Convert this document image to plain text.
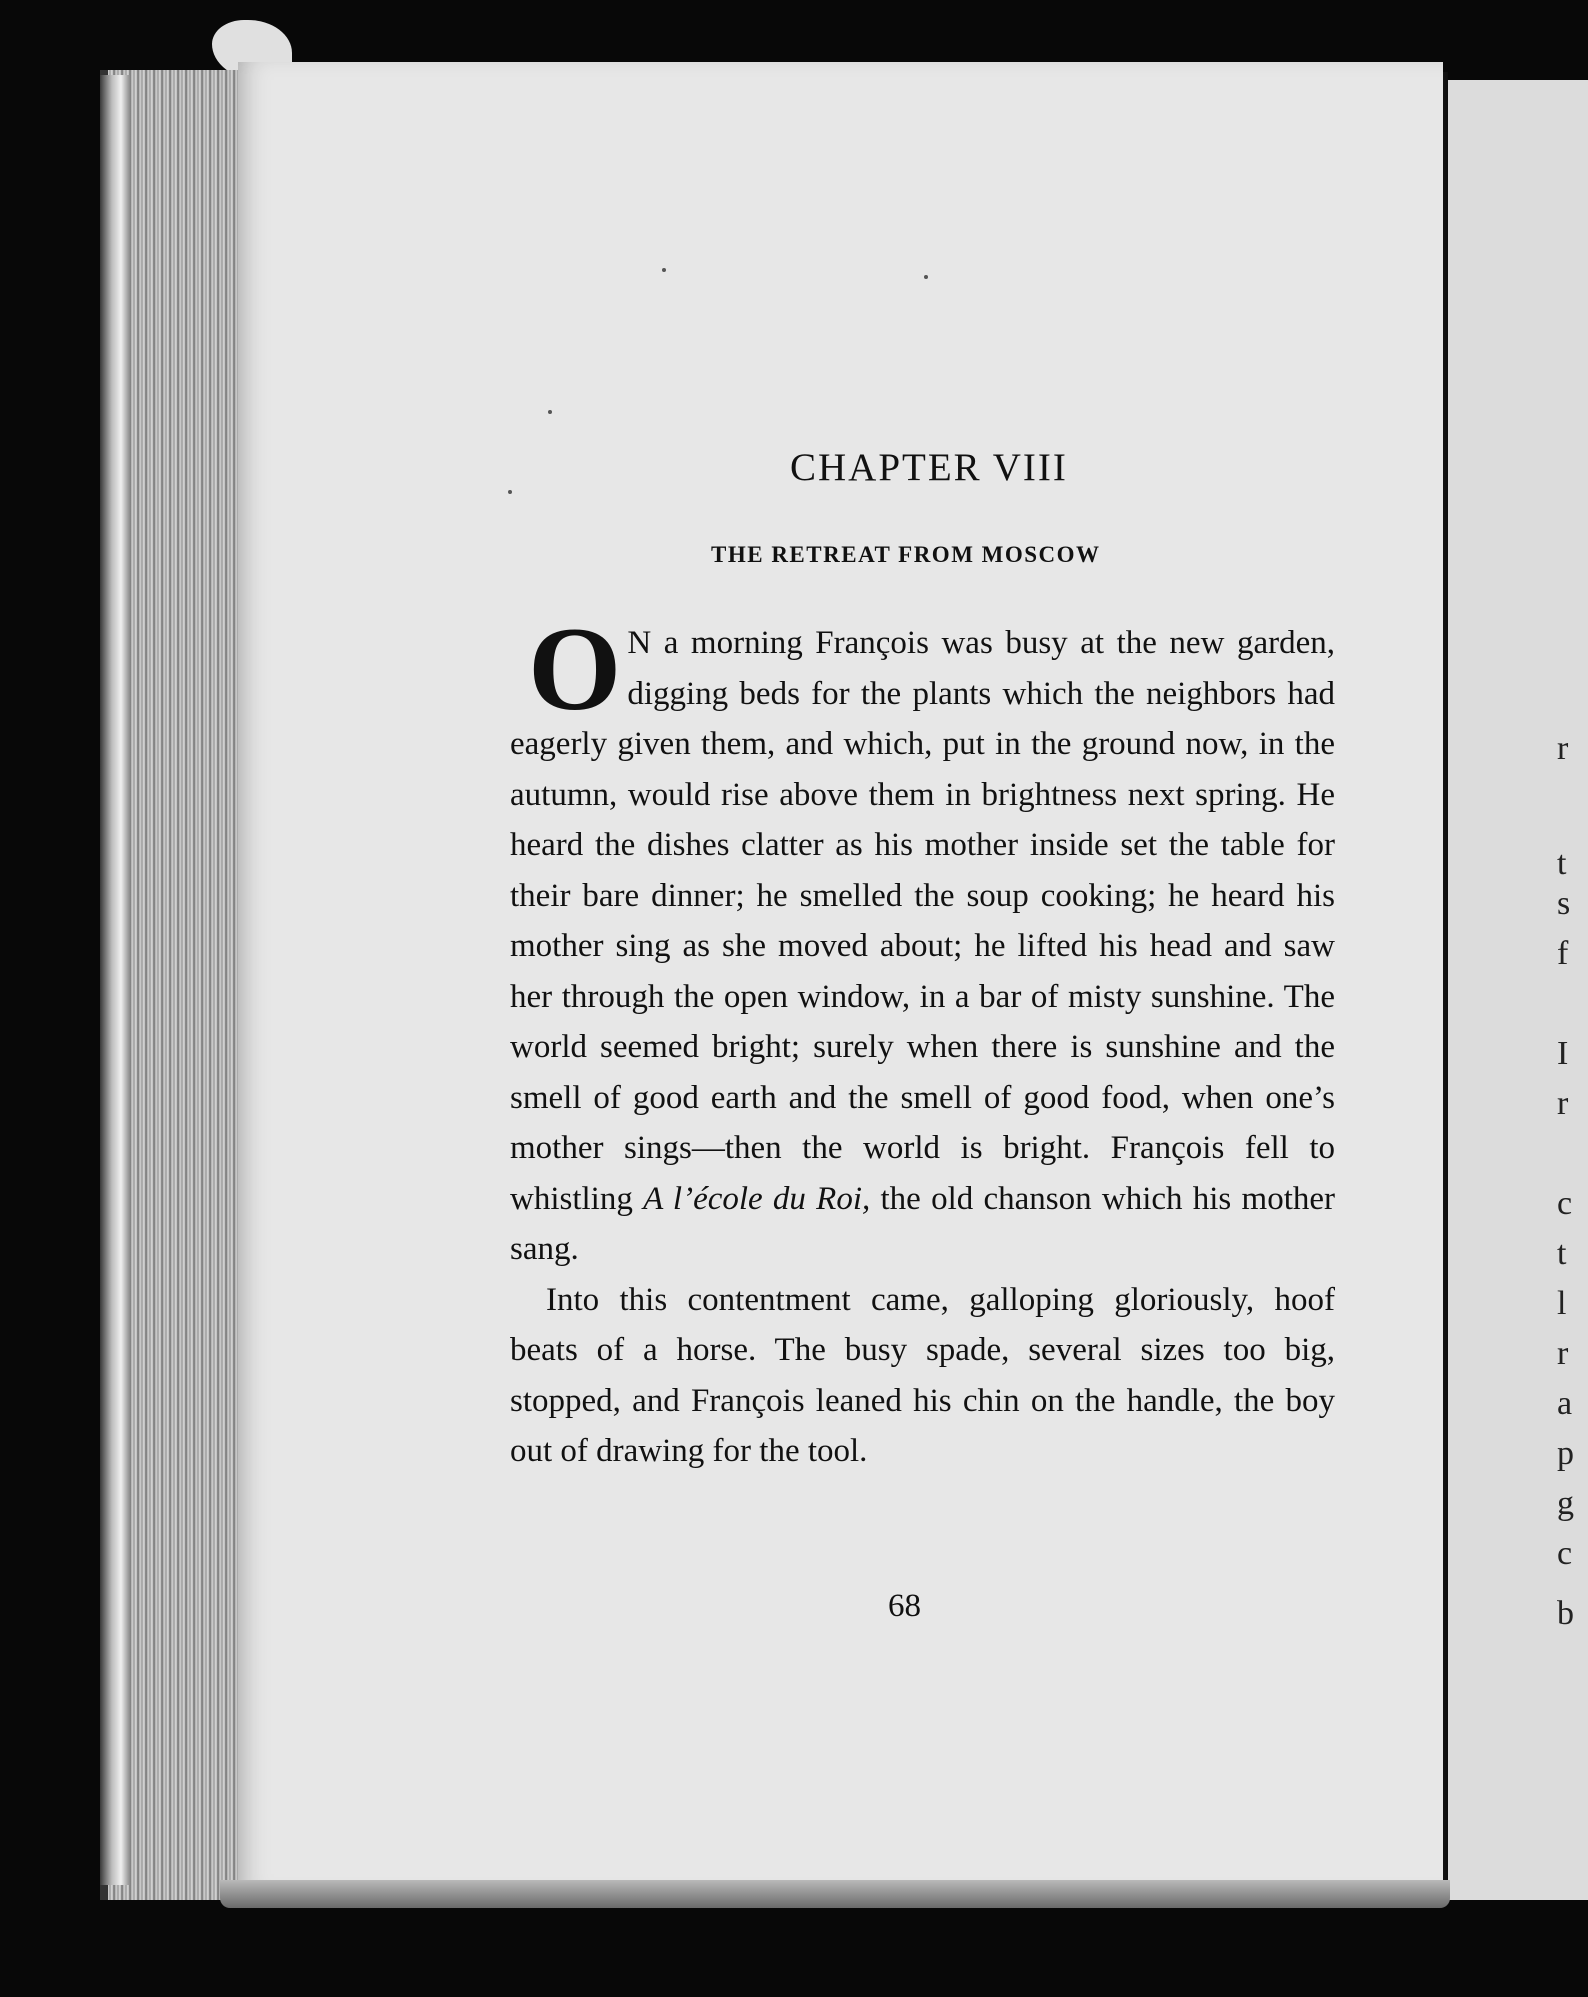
r
t
s
f
I
r
c
t
l
r
a
p
g
c
b
CHAPTER VIII
THE RETREAT FROM MOSCOW

O N a morning François was busy at the new garden, digging beds for the plants which the neighbors had eagerly given them, and which, put in the ground now, in the autumn, would rise above them in brightness next spring. He heard the dishes clatter as his mother inside set the table for their bare dinner; he smelled the soup cooking; he heard his mother sing as she moved about; he lifted his head and saw her through the open window, in a bar of misty sunshine. The world seemed bright; surely when there is sunshine and the smell of good earth and the smell of good food, when one’s mother sings—then the world is bright. François fell to whistling A l’école du Roi, the old chanson which his mother sang.

Into this contentment came, galloping gloriously, hoof beats of a horse. The busy spade, several sizes too big, stopped, and François leaned his chin on the handle, the boy out of drawing for the tool.

68
